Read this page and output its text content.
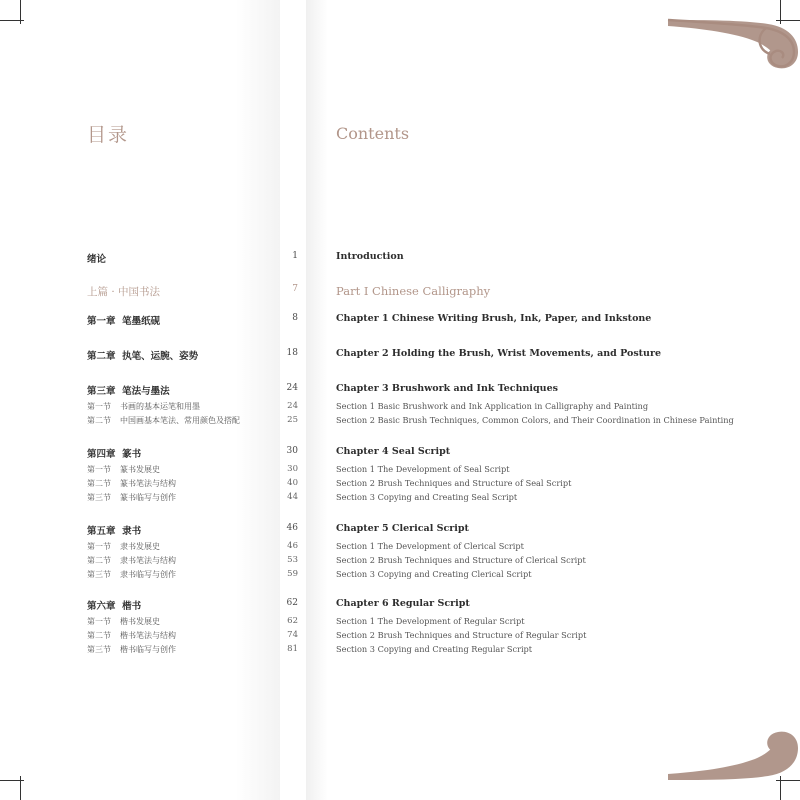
目录	Contents
绪论	1	Introduction
上篇 · 中国书法	7	Part I Chinese Calligraphy
第一章 笔墨纸砚	8	Chapter 1 Chinese Writing Brush, Ink, Paper, and Inkstone
第二章 执笔、运腕、姿势	18	Chapter 2 Holding the Brush, Wrist Movements, and Posture
第三章 笔法与墨法	24	Chapter 3 Brushwork and Ink Techniques
第一节 书画的基本运笔和用墨	24	Section 1 Basic Brushwork and Ink Application in Calligraphy and Painting
第二节 中国画基本笔法、常用颜色及搭配	25	Section 2 Basic Brush Techniques, Common Colors, and Their Coordination in Chinese Painting
第四章 篆书	30	Chapter 4 Seal Script
第一节 篆书发展史	30	Section 1 The Development of Seal Script
第二节 篆书笔法与结构	40	Section 2 Brush Techniques and Structure of Seal Script
第三节 篆书临写与创作	44	Section 3 Copying and Creating Seal Script
第五章 隶书	46	Chapter 5 Clerical Script
第一节 隶书发展史	46	Section 1 The Development of Clerical Script
第二节 隶书笔法与结构	53	Section 2 Brush Techniques and Structure of Clerical Script
第三节 隶书临写与创作	59	Section 3 Copying and Creating Clerical Script
第六章 楷书	62	Chapter 6 Regular Script
第一节 楷书发展史	62	Section 1 The Development of Regular Script
第二节 楷书笔法与结构	74	Section 2 Brush Techniques and Structure of Regular Script
第三节 楷书临写与创作	81	Section 3 Copying and Creating Regular Script
